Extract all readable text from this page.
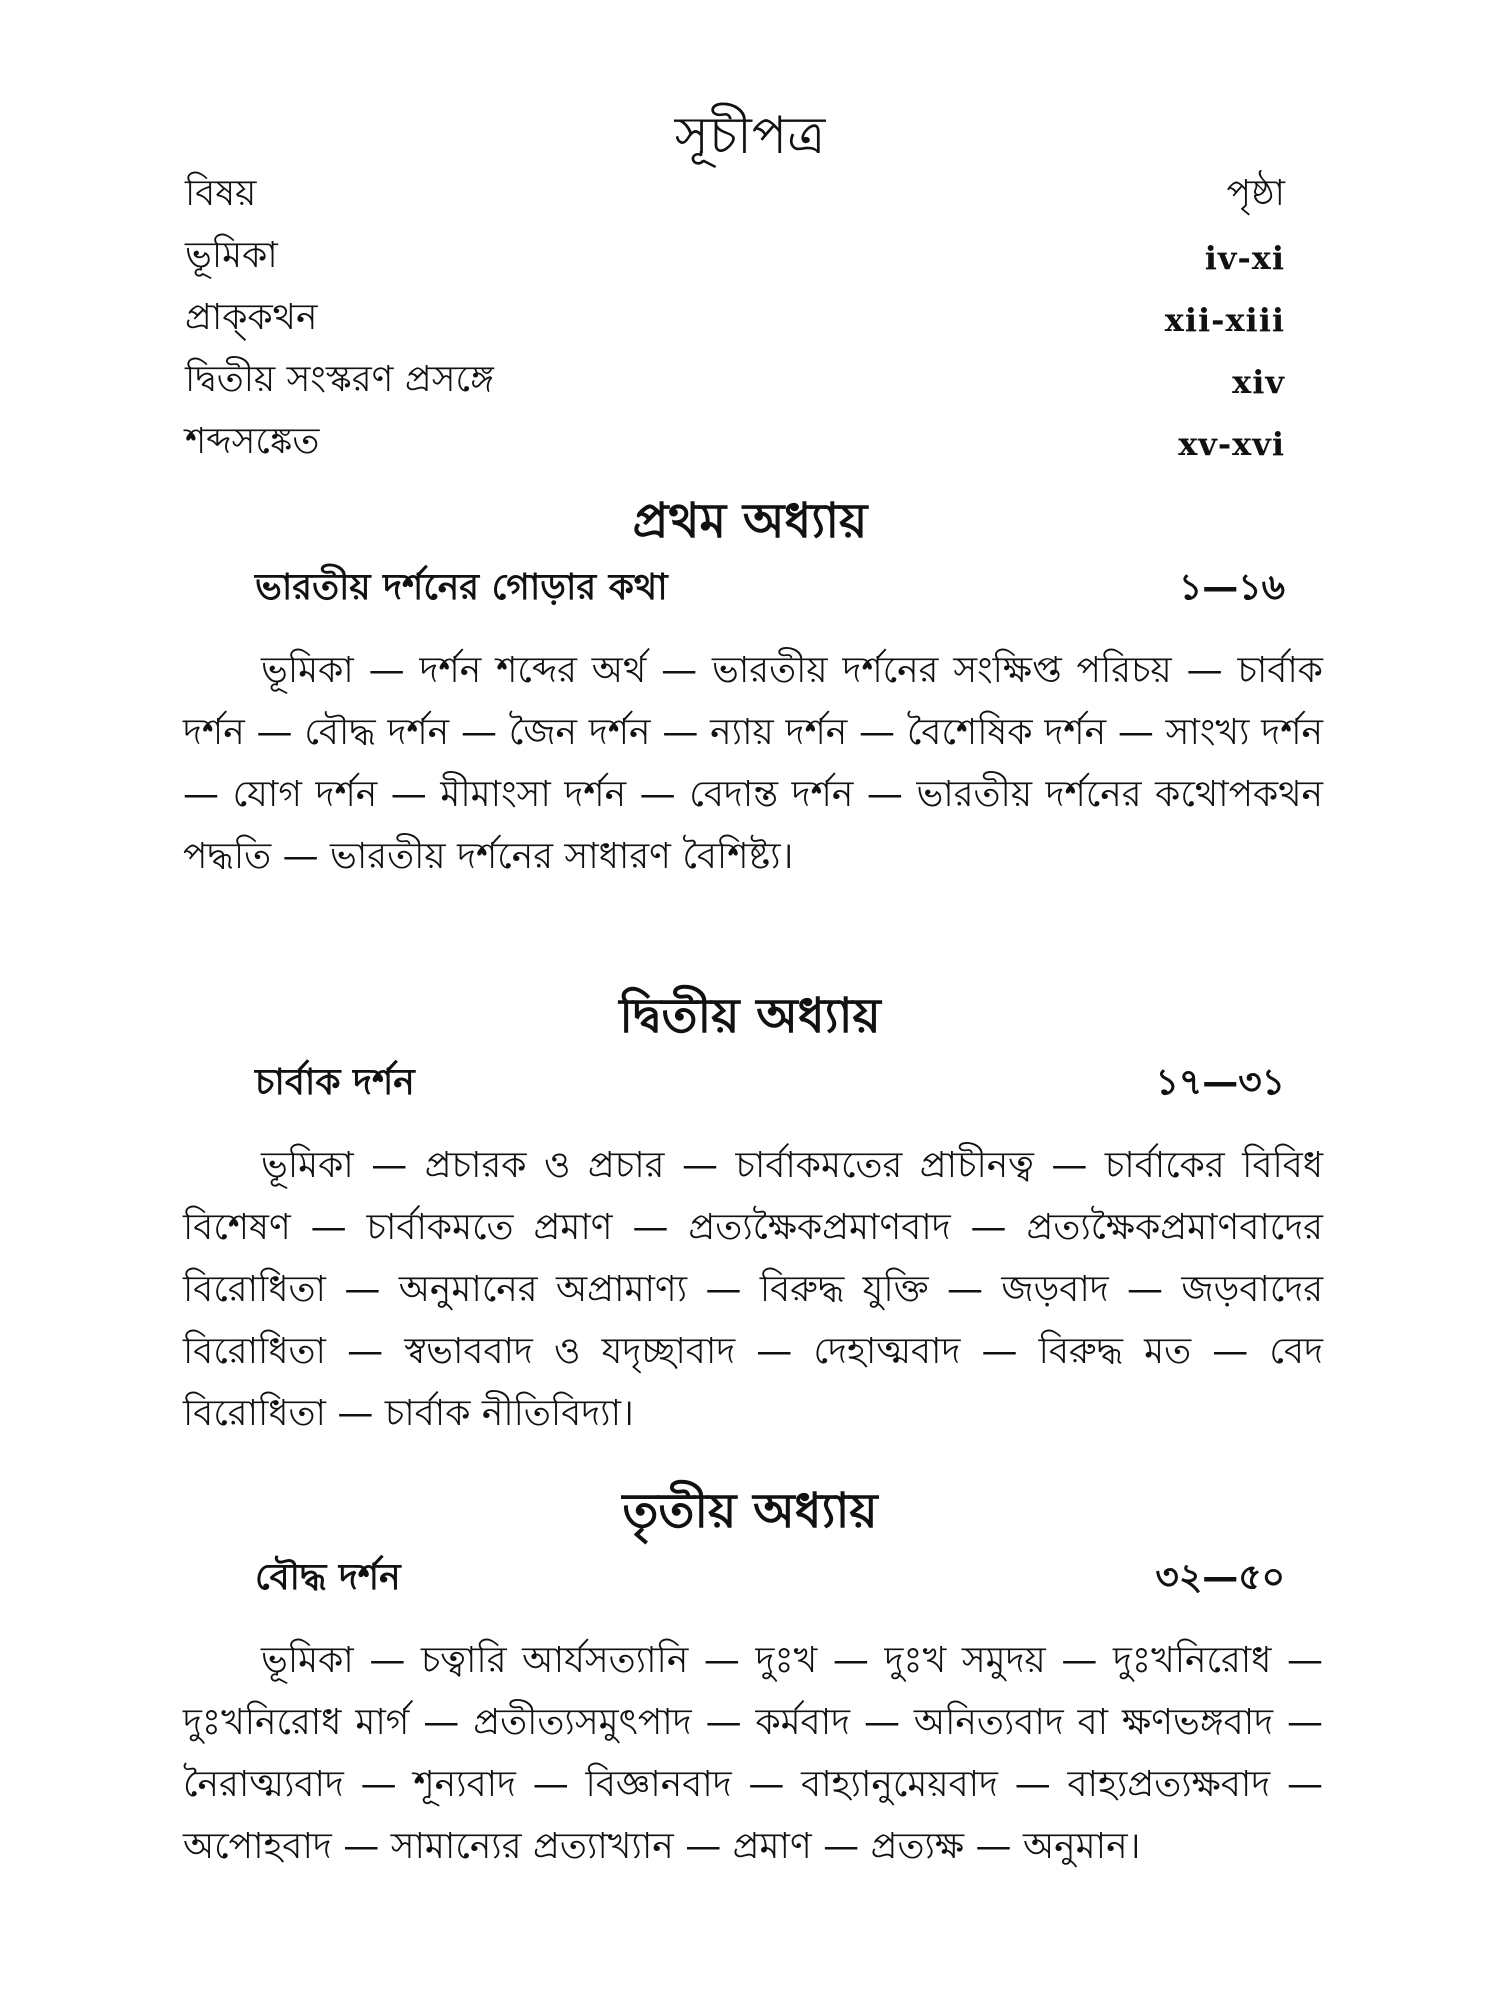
সূচীপত্র
বিষয়	পৃষ্ঠা
ভূমিকা	iv-xi
প্রাক্‌কথন	xii-xiii
দ্বিতীয় সংস্করণ প্রসঙ্গে	xiv
শব্দসঙ্কেত	xv-xvi
প্রথম অধ্যায়
ভারতীয় দর্শনের গোড়ার কথা	১—১৬

ভূমিকা — দর্শন শব্দের অর্থ — ভারতীয় দর্শনের সংক্ষিপ্ত পরিচয় — চার্বাক দর্শন — বৌদ্ধ দর্শন — জৈন দর্শন — ন্যায় দর্শন — বৈশেষিক দর্শন — সাংখ্য দর্শন — যোগ দর্শন — মীমাংসা দর্শন — বেদান্ত দর্শন — ভারতীয় দর্শনের কথোপকথন পদ্ধতি — ভারতীয় দর্শনের সাধারণ বৈশিষ্ট্য।

দ্বিতীয় অধ্যায়
চার্বাক দর্শন	১৭—৩১

ভূমিকা — প্রচারক ও প্রচার — চার্বাকমতের প্রাচীনত্ব — চার্বাকের বিবিধ বিশেষণ — চার্বাকমতে প্রমাণ — প্রত্যক্ষৈকপ্রমাণবাদ — প্রত্যক্ষৈকপ্রমাণবাদের বিরোধিতা — অনুমানের অপ্রামাণ্য — বিরুদ্ধ যুক্তি — জড়বাদ — জড়বাদের বিরোধিতা — স্বভাববাদ ও যদৃচ্ছাবাদ — দেহাত্মবাদ — বিরুদ্ধ মত — বেদ বিরোধিতা — চার্বাক নীতিবিদ্যা।

তৃতীয় অধ্যায়
বৌদ্ধ দর্শন	৩২—৫০

ভূমিকা — চত্বারি আর্যসত্যানি — দুঃখ — দুঃখ সমুদয় — দুঃখনিরোধ — দুঃখনিরোধ মার্গ — প্রতীত্যসমুৎপাদ — কর্মবাদ — অনিত্যবাদ বা ক্ষণভঙ্গবাদ — নৈরাত্ম্যবাদ — শূন্যবাদ — বিজ্ঞানবাদ — বাহ্যানুমেয়বাদ — বাহ্যপ্রত্যক্ষবাদ — অপোহবাদ — সামান্যের প্রত্যাখ্যান — প্রমাণ — প্রত্যক্ষ — অনুমান।
